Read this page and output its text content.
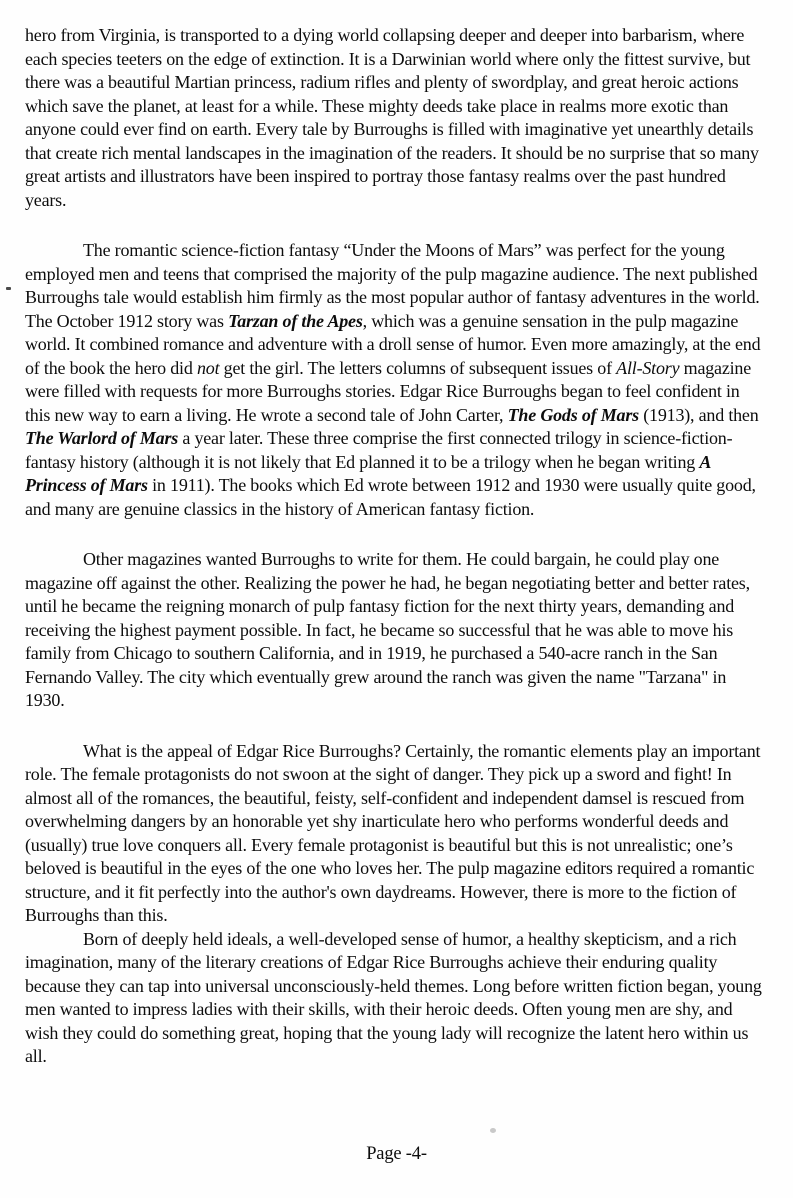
hero from Virginia, is transported to a dying world collapsing deeper and deeper into barbarism, where each species teeters on the edge of extinction. It is a Darwinian world where only the fittest survive, but there was a beautiful Martian princess, radium rifles and plenty of swordplay, and great heroic actions which save the planet, at least for a while. These mighty deeds take place in realms more exotic than anyone could ever find on earth. Every tale by Burroughs is filled with imaginative yet unearthly details that create rich mental landscapes in the imagination of the readers. It should be no surprise that so many great artists and illustrators have been inspired to portray those fantasy realms over the past hundred years.

The romantic science-fiction fantasy “Under the Moons of Mars” was perfect for the young employed men and teens that comprised the majority of the pulp magazine audience. The next published Burroughs tale would establish him firmly as the most popular author of fantasy adventures in the world. The October 1912 story was Tarzan of the Apes, which was a genuine sensation in the pulp magazine world. It combined romance and adventure with a droll sense of humor. Even more amazingly, at the end of the book the hero did not get the girl. The letters columns of subsequent issues of All-Story magazine were filled with requests for more Burroughs stories. Edgar Rice Burroughs began to feel confident in this new way to earn a living. He wrote a second tale of John Carter, The Gods of Mars (1913), and then The Warlord of Mars a year later. These three comprise the first connected trilogy in science-fiction-fantasy history (although it is not likely that Ed planned it to be a trilogy when he began writing A Princess of Mars in 1911). The books which Ed wrote between 1912 and 1930 were usually quite good, and many are genuine classics in the history of American fantasy fiction.

Other magazines wanted Burroughs to write for them. He could bargain, he could play one magazine off against the other. Realizing the power he had, he began negotiating better and better rates, until he became the reigning monarch of pulp fantasy fiction for the next thirty years, demanding and receiving the highest payment possible. In fact, he became so successful that he was able to move his family from Chicago to southern California, and in 1919, he purchased a 540-acre ranch in the San Fernando Valley. The city which eventually grew around the ranch was given the name "Tarzana" in 1930.

What is the appeal of Edgar Rice Burroughs? Certainly, the romantic elements play an important role. The female protagonists do not swoon at the sight of danger. They pick up a sword and fight! In almost all of the romances, the beautiful, feisty, self-confident and independent damsel is rescued from overwhelming dangers by an honorable yet shy inarticulate hero who performs wonderful deeds and (usually) true love conquers all. Every female protagonist is beautiful but this is not unrealistic; one’s beloved is beautiful in the eyes of the one who loves her. The pulp magazine editors required a romantic structure, and it fit perfectly into the author's own daydreams. However, there is more to the fiction of Burroughs than this.

Born of deeply held ideals, a well-developed sense of humor, a healthy skepticism, and a rich imagination, many of the literary creations of Edgar Rice Burroughs achieve their enduring quality because they can tap into universal unconsciously-held themes. Long before written fiction began, young men wanted to impress ladies with their skills, with their heroic deeds. Often young men are shy, and wish they could do something great, hoping that the young lady will recognize the latent hero within us all.

Page -4-
